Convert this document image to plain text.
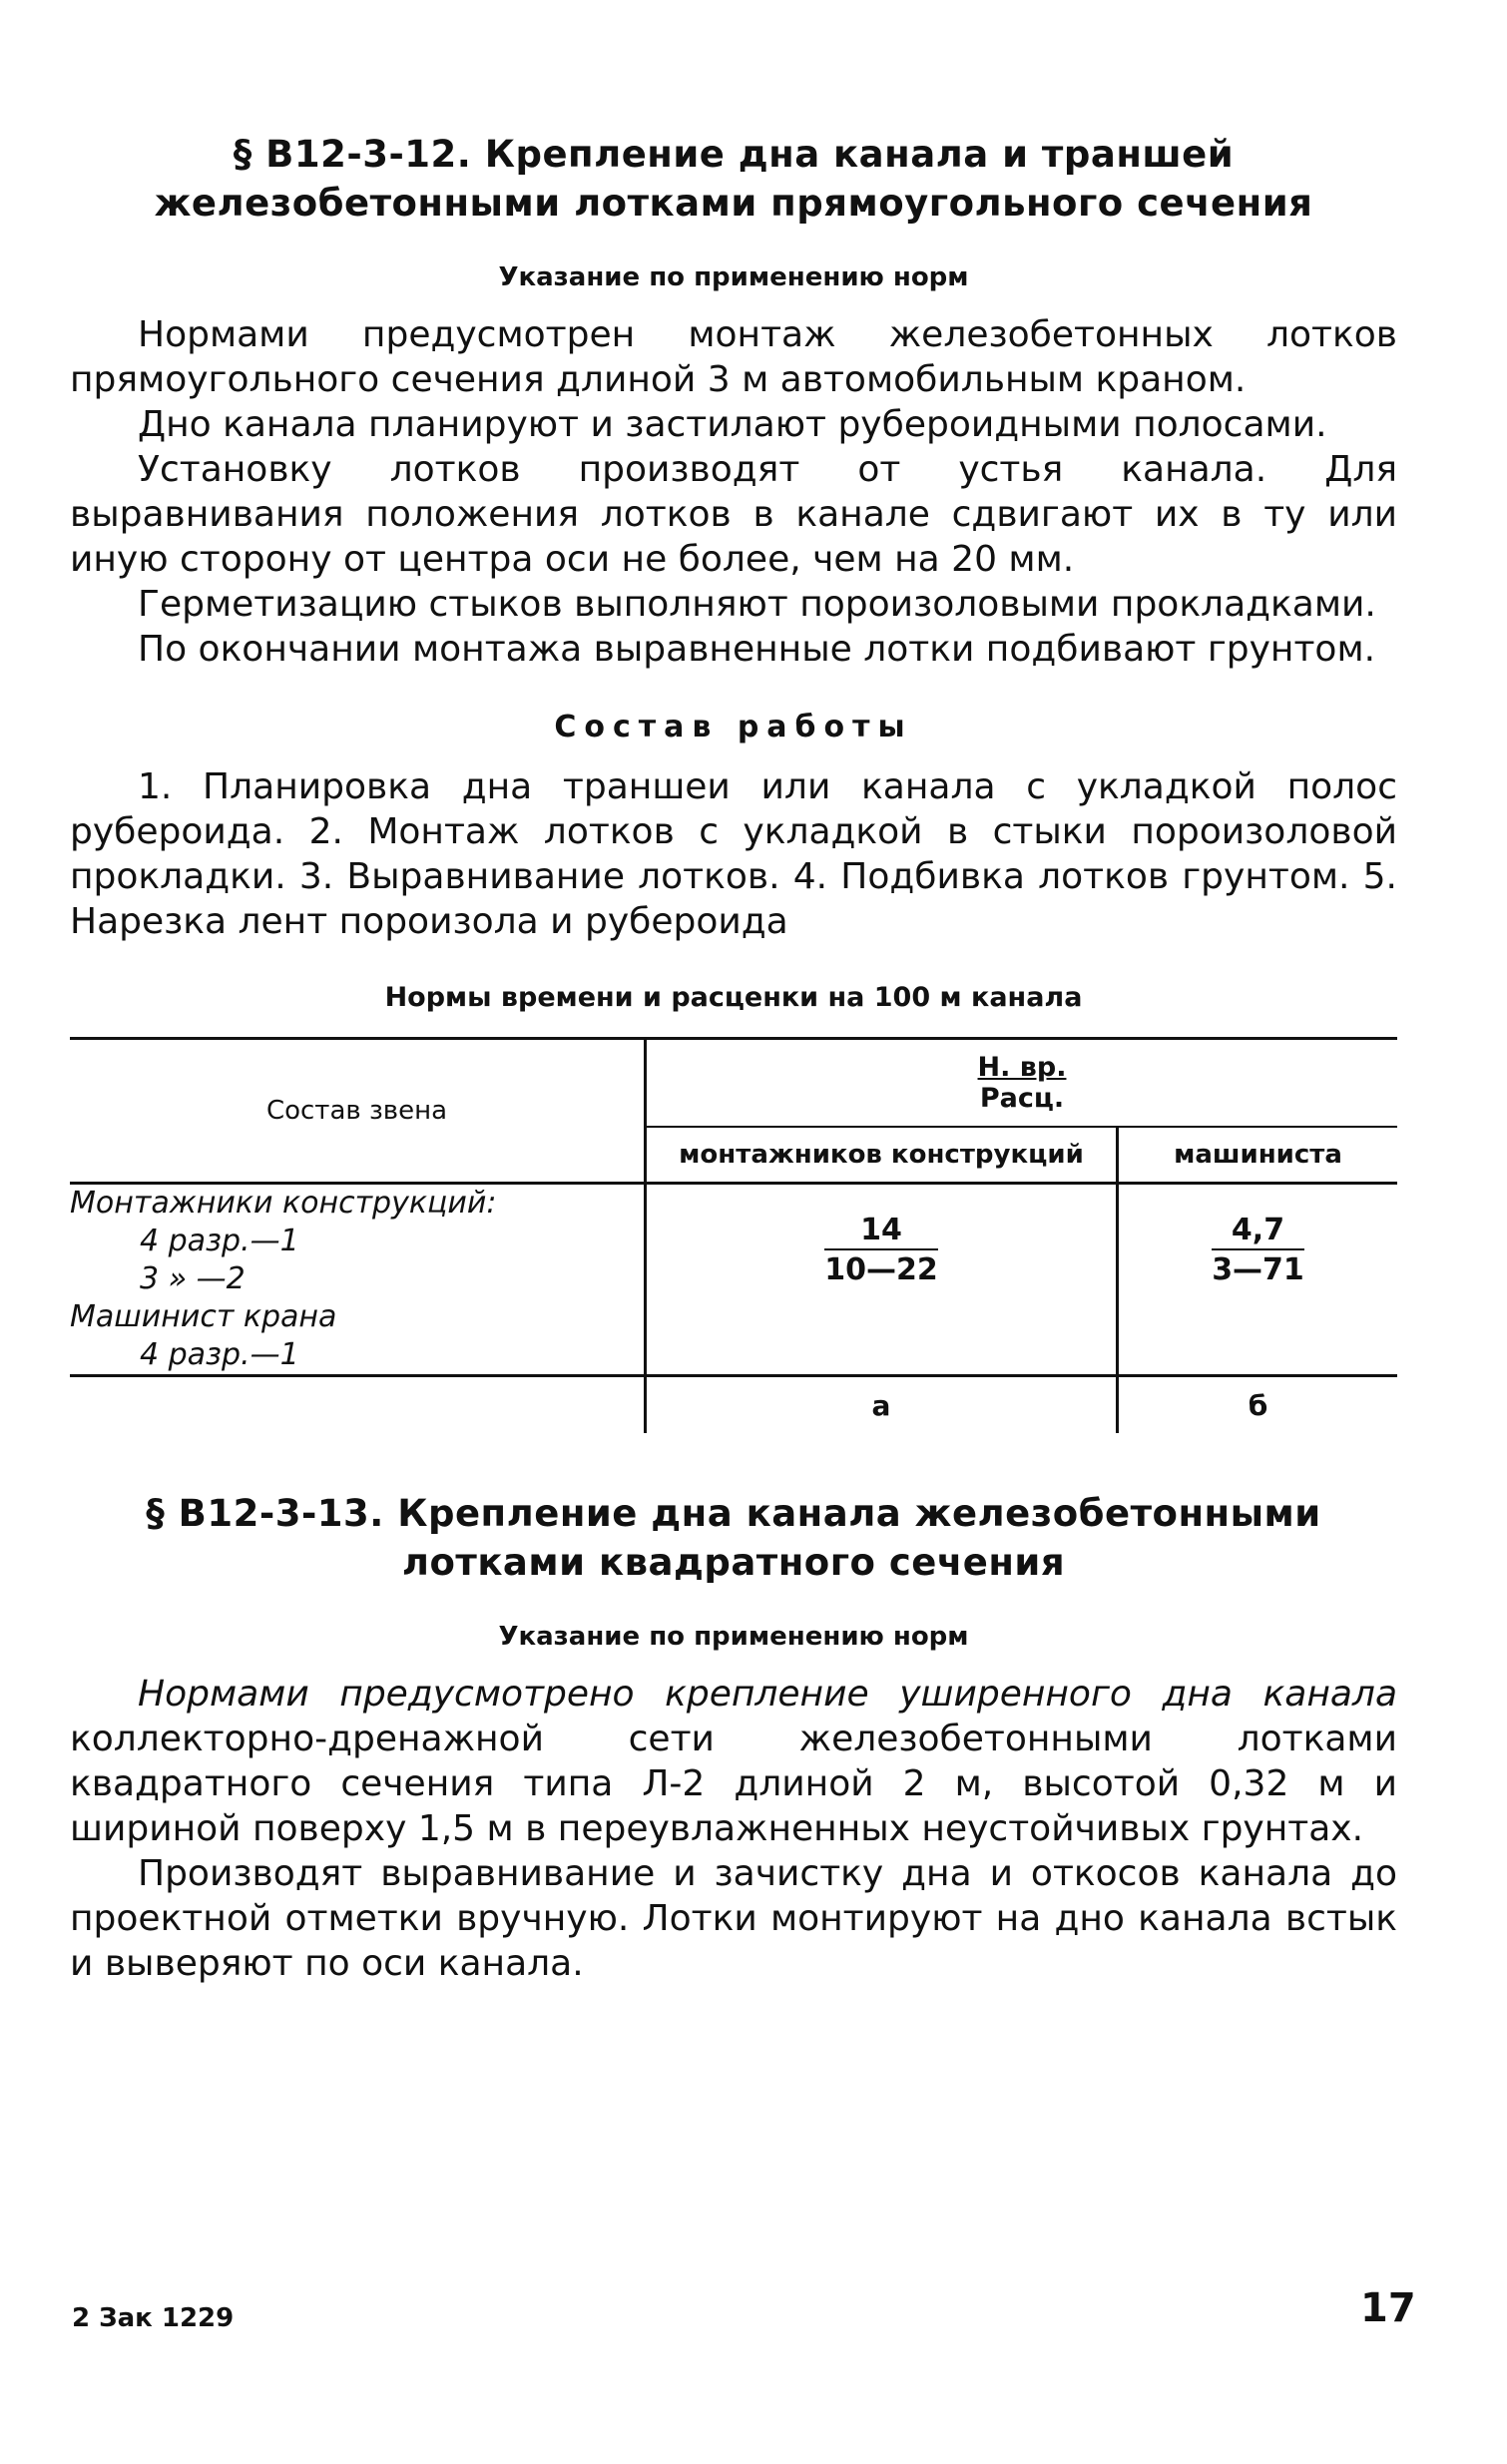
§ В12-3-12. Крепление дна канала и траншей
железобетонными лотками прямоугольного сечения
Указание по применению норм

Нормами предусмотрен монтаж железобетонных лотков прямоугольного сечения длиной 3 м автомобильным краном.

Дно канала планируют и застилают рубероидными полосами.

Установку лотков производят от устья канала. Для выравнивания положения лотков в канале сдвигают их в ту или иную сторону от центра оси не более, чем на 20 мм.

Герметизацию стыков выполняют пороизоловыми прокладками.

По окончании монтажа выравненные лотки подбивают грунтом.

Состав работы

1. Планировка дна траншеи или канала с укладкой полос рубероида. 2. Монтаж лотков с укладкой в стыки пороизоловой прокладки. 3. Выравнивание лотков. 4. Подбивка лотков грунтом. 5. Нарезка лент пороизола и рубероида

Нормы времени и расценки на 100 м канала
Состав звена	Н. вр.
Расц.	

	монтажников конструкций	машиниста
Монтажники конструкций:

4 разр.—1
3 » —2
Машинист крана

4 разр.—1	$\frac{14}{10—22}$	$\frac{4,7}{3—71}$

	а	б
§ В12-3-13. Крепление дна канала железобетонными
лотками квадратного сечения
Указание по применению норм

Нормами предусмотрено крепление уширенного дна канала коллекторно-дренажной сети железобетонными лотками квадратного сечения типа Л-2 длиной 2 м, высотой 0,32 м и шириной поверху 1,5 м в переувлажненных неустойчивых грунтах.

Производят выравнивание и зачистку дна и откосов канала до проектной отметки вручную. Лотки монтируют на дно канала встык и выверяют по оси канала.

2 Зак 1229	17
